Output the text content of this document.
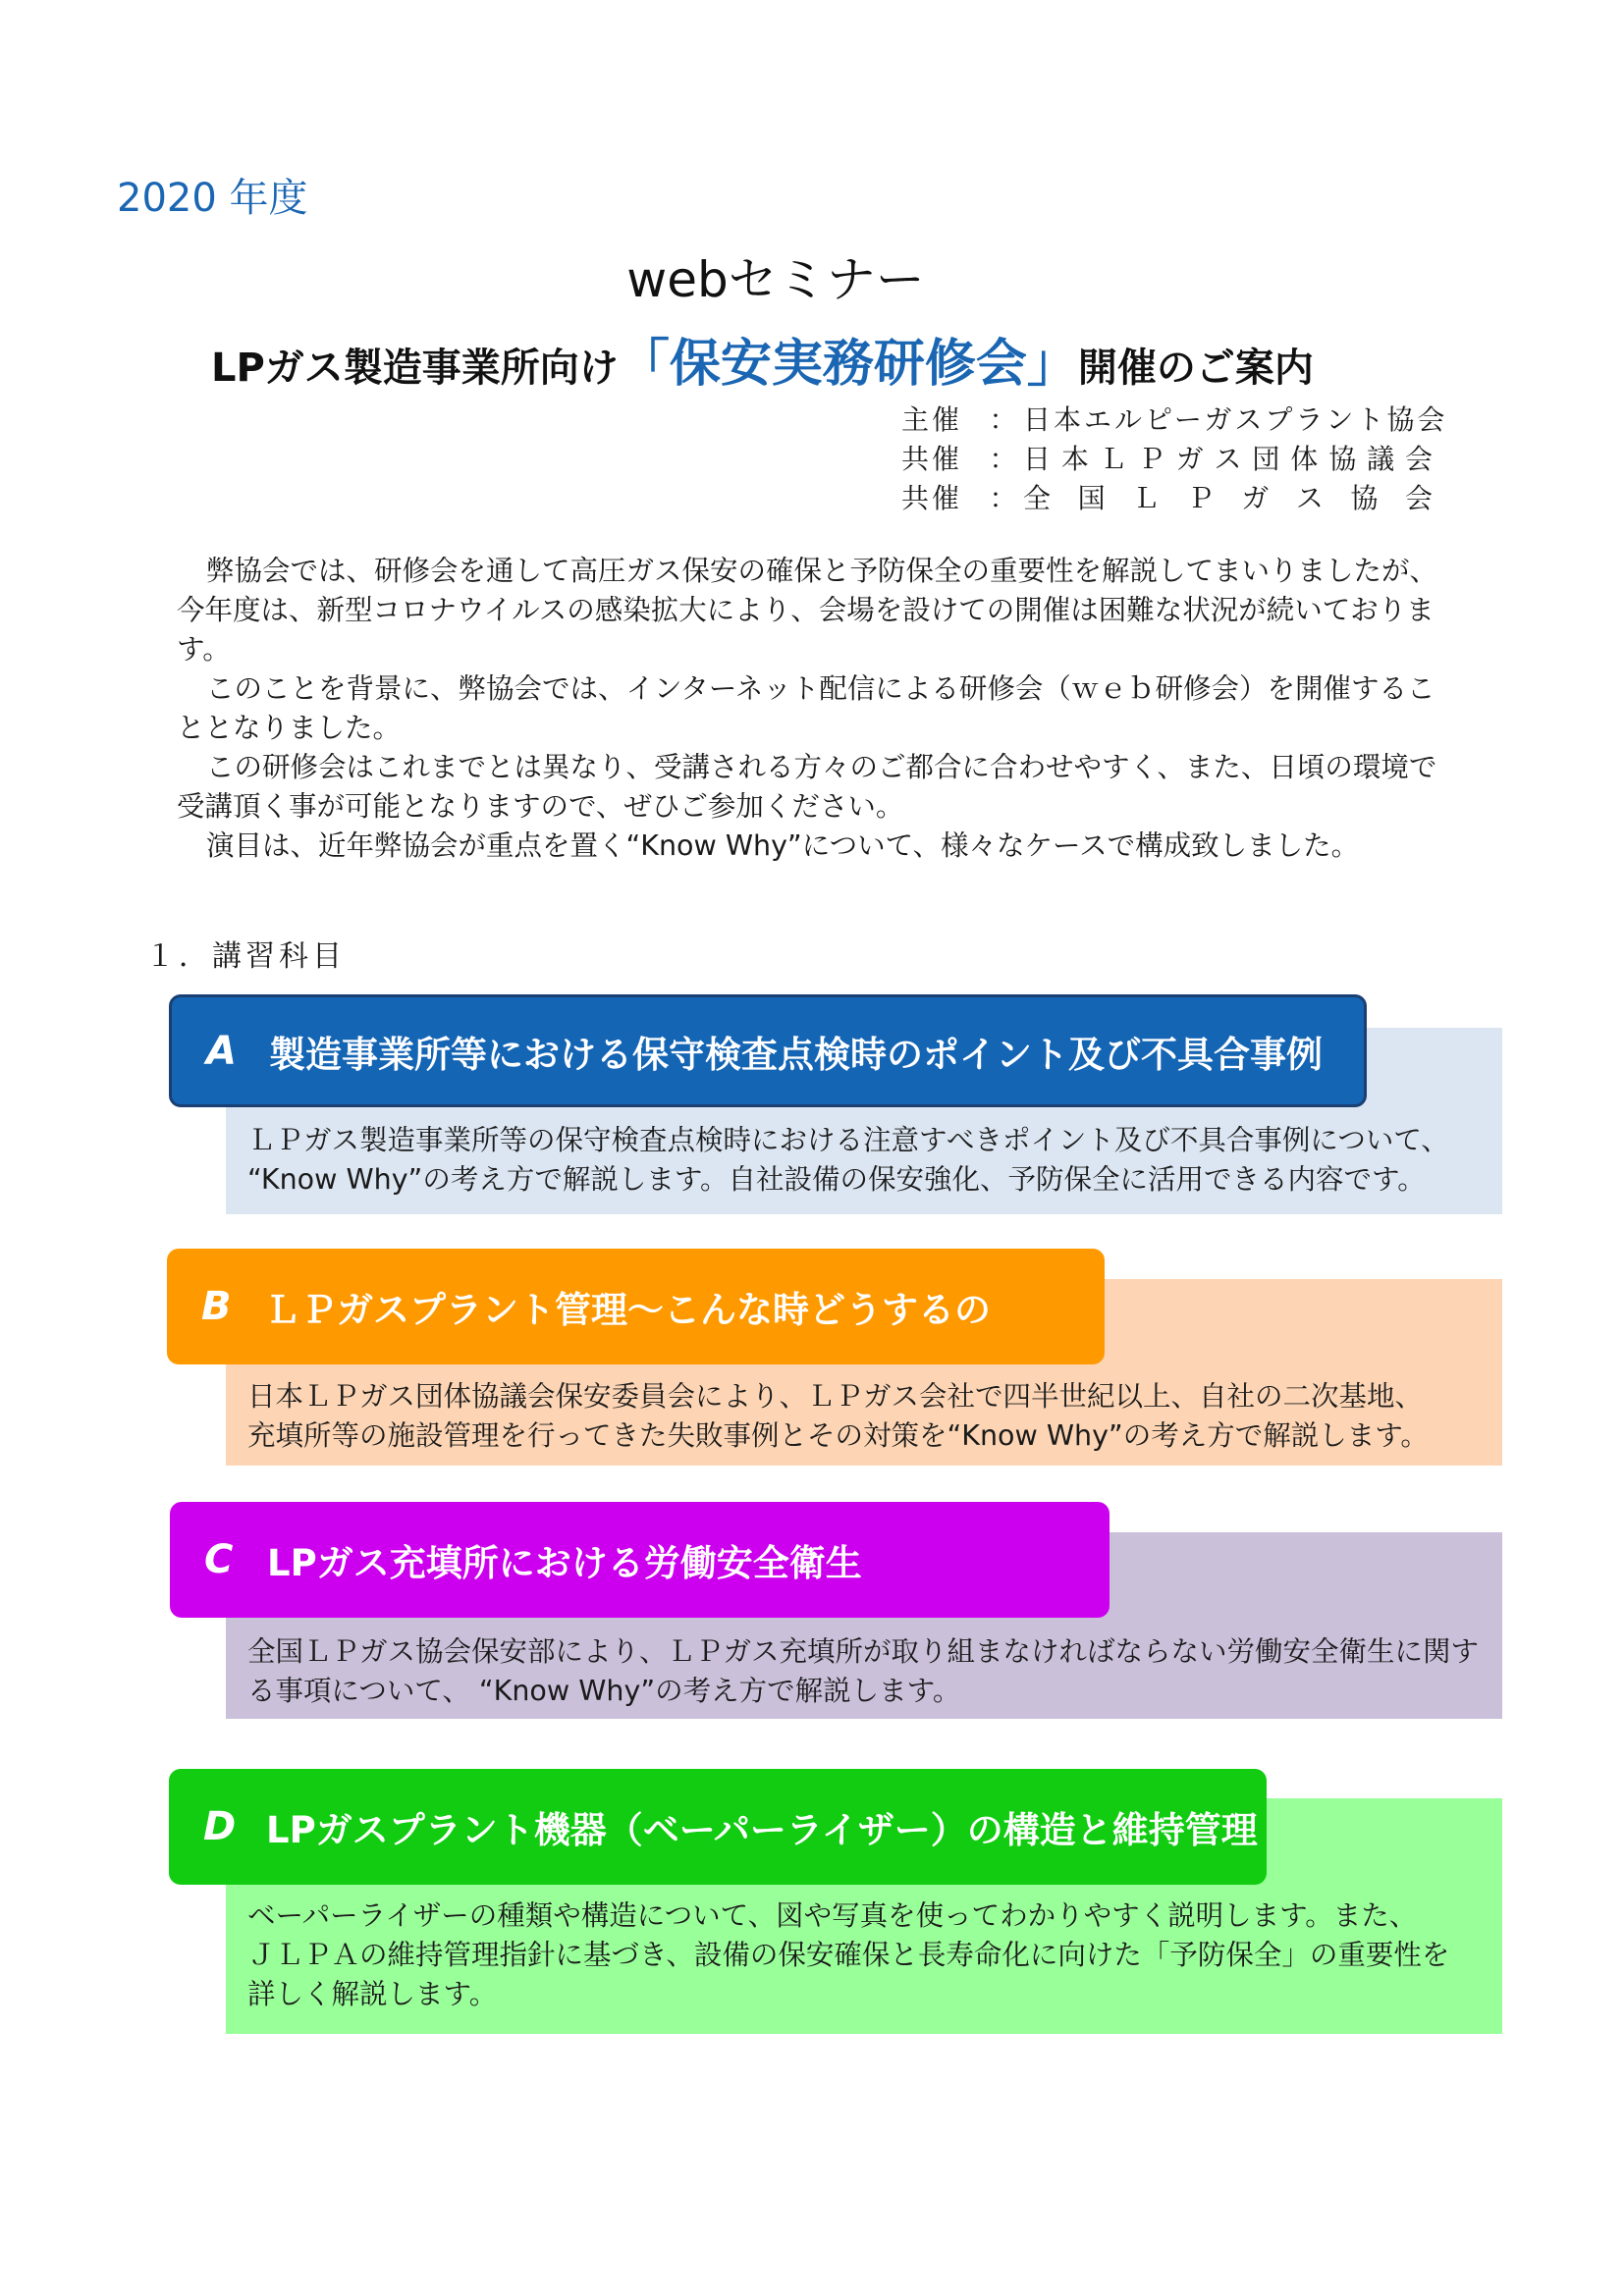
2020 年度
webセミナー
LPガス製造事業所向け「保安実務研修会」開催のご案内
主催 ： 日本エルピーガスプラント協会
共催 ： 日本ＬＰガス団体協議会
共催 ： 全国ＬＰガス協会

弊協会では、研修会を通して高圧ガス保安の確保と予防保全の重要性を解説してまいりましたが、今年度は、新型コロナウイルスの感染拡大により、会場を設けての開催は困難な状況が続いております。

このことを背景に、弊協会では、インターネット配信による研修会（ｗｅｂ研修会）を開催することとなりました。

この研修会はこれまでとは異なり、受講される方々のご都合に合わせやすく、また、日頃の環境で受講頂く事が可能となりますので、ぜひご参加ください。

演目は、近年弊協会が重点を置く“Know Why”について、様々なケースで構成致しました。

１．講習科目
ＬＰガス製造事業所等の保守検査点検時における注意すべきポイント及び不具合事例について、
“Know Why”の考え方で解説します。自社設備の保安強化、予防保全に活用できる内容です。
A 製造事業所等における保守検査点検時のポイント及び不具合事例
日本ＬＰガス団体協議会保安委員会により、ＬＰガス会社で四半世紀以上、自社の二次基地、
充填所等の施設管理を行ってきた失敗事例とその対策を“Know Why”の考え方で解説します。
B ＬＰガスプラント管理～こんな時どうするの
全国ＬＰガス協会保安部により、ＬＰガス充填所が取り組まなければならない労働安全衛生に関す
る事項について、 “Know Why”の考え方で解説します。
C LPガス充填所における労働安全衛生
ベーパーライザーの種類や構造について、図や写真を使ってわかりやすく説明します。また、
ＪＬＰＡの維持管理指針に基づき、設備の保安確保と長寿命化に向けた「予防保全」の重要性を
詳しく解説します。
D LPガスプラント機器（ベーパーライザー）の構造と維持管理
